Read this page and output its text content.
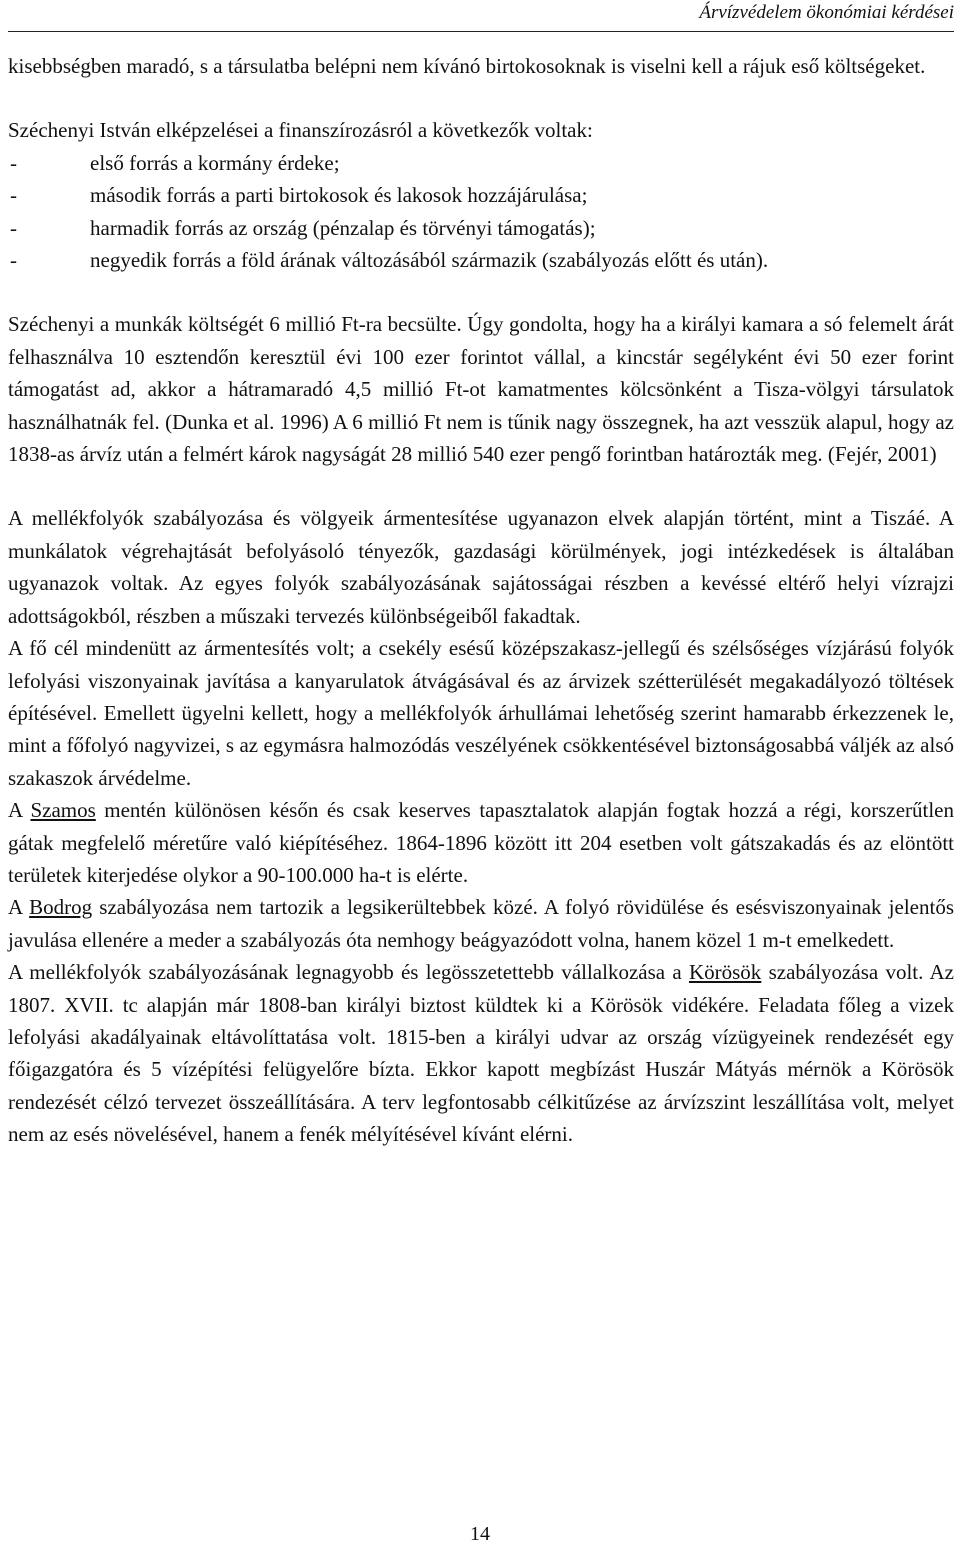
Árvízvédelem ökonómiai kérdései

kisebbségben maradó, s a társulatba belépni nem kívánó birtokosoknak is viselni kell a rájuk eső költségeket.

Széchenyi István elképzelései a finanszírozásról a következők voltak:

- első forrás a kormány érdeke;
- második forrás a parti birtokosok és lakosok hozzájárulása;
- harmadik forrás az ország (pénzalap és törvényi támogatás);
- negyedik forrás a föld árának változásából származik (szabályozás előtt és után).

Széchenyi a munkák költségét 6 millió Ft-ra becsülte. Úgy gondolta, hogy ha a királyi kamara a só felemelt árát felhasználva 10 esztendőn keresztül évi 100 ezer forintot vállal, a kincstár segélyként évi 50 ezer forint támogatást ad, akkor a hátramaradó 4,5 millió Ft-ot kamatmentes kölcsönként a Tisza-völgyi társulatok használhatnák fel. (Dunka et al. 1996) A 6 millió Ft nem is tűnik nagy összegnek, ha azt vesszük alapul, hogy az 1838-as árvíz után a felmért károk nagyságát 28 millió 540 ezer pengő forintban határozták meg. (Fejér, 2001)

A mellékfolyók szabályozása és völgyeik ármentesítése ugyanazon elvek alapján történt, mint a Tiszáé. A munkálatok végrehajtását befolyásoló tényezők, gazdasági körülmények, jogi intézkedések is általában ugyanazok voltak. Az egyes folyók szabályozásának sajátosságai részben a kevéssé eltérő helyi vízrajzi adottságokból, részben a műszaki tervezés különbségeiből fakadtak.

A fő cél mindenütt az ármentesítés volt; a csekély esésű középszakasz-jellegű és szélsőséges vízjárású folyók lefolyási viszonyainak javítása a kanyarulatok átvágásával és az árvizek szétterülését megakadályozó töltések építésével. Emellett ügyelni kellett, hogy a mellékfolyók árhullámai lehetőség szerint hamarabb érkezzenek le, mint a főfolyó nagyvizei, s az egymásra halmozódás veszélyének csökkentésével biztonságosabbá váljék az alsó szakaszok árvédelme.

A Szamos mentén különösen későn és csak keserves tapasztalatok alapján fogtak hozzá a régi, korszerűtlen gátak megfelelő méretűre való kiépítéséhez. 1864-1896 között itt 204 esetben volt gátszakadás és az elöntött területek kiterjedése olykor a 90-100.000 ha-t is elérte.

A Bodrog szabályozása nem tartozik a legsikerültebbek közé. A folyó rövidülése és esésviszonyainak jelentős javulása ellenére a meder a szabályozás óta nemhogy beágyazódott volna, hanem közel 1 m-t emelkedett.

A mellékfolyók szabályozásának legnagyobb és legösszetettebb vállalkozása a Körösök szabályozása volt. Az 1807. XVII. tc alapján már 1808-ban királyi biztost küldtek ki a Körösök vidékére. Feladata főleg a vizek lefolyási akadályainak eltávolíttatása volt. 1815-ben a királyi udvar az ország vízügyeinek rendezését egy főigazgatóra és 5 vízépítési felügyelőre bízta. Ekkor kapott megbízást Huszár Mátyás mérnök a Körösök rendezését célzó tervezet összeállítására. A terv legfontosabb célkitűzése az árvízszint leszállítása volt, melyet nem az esés növelésével, hanem a fenék mélyítésével kívánt elérni.

14
